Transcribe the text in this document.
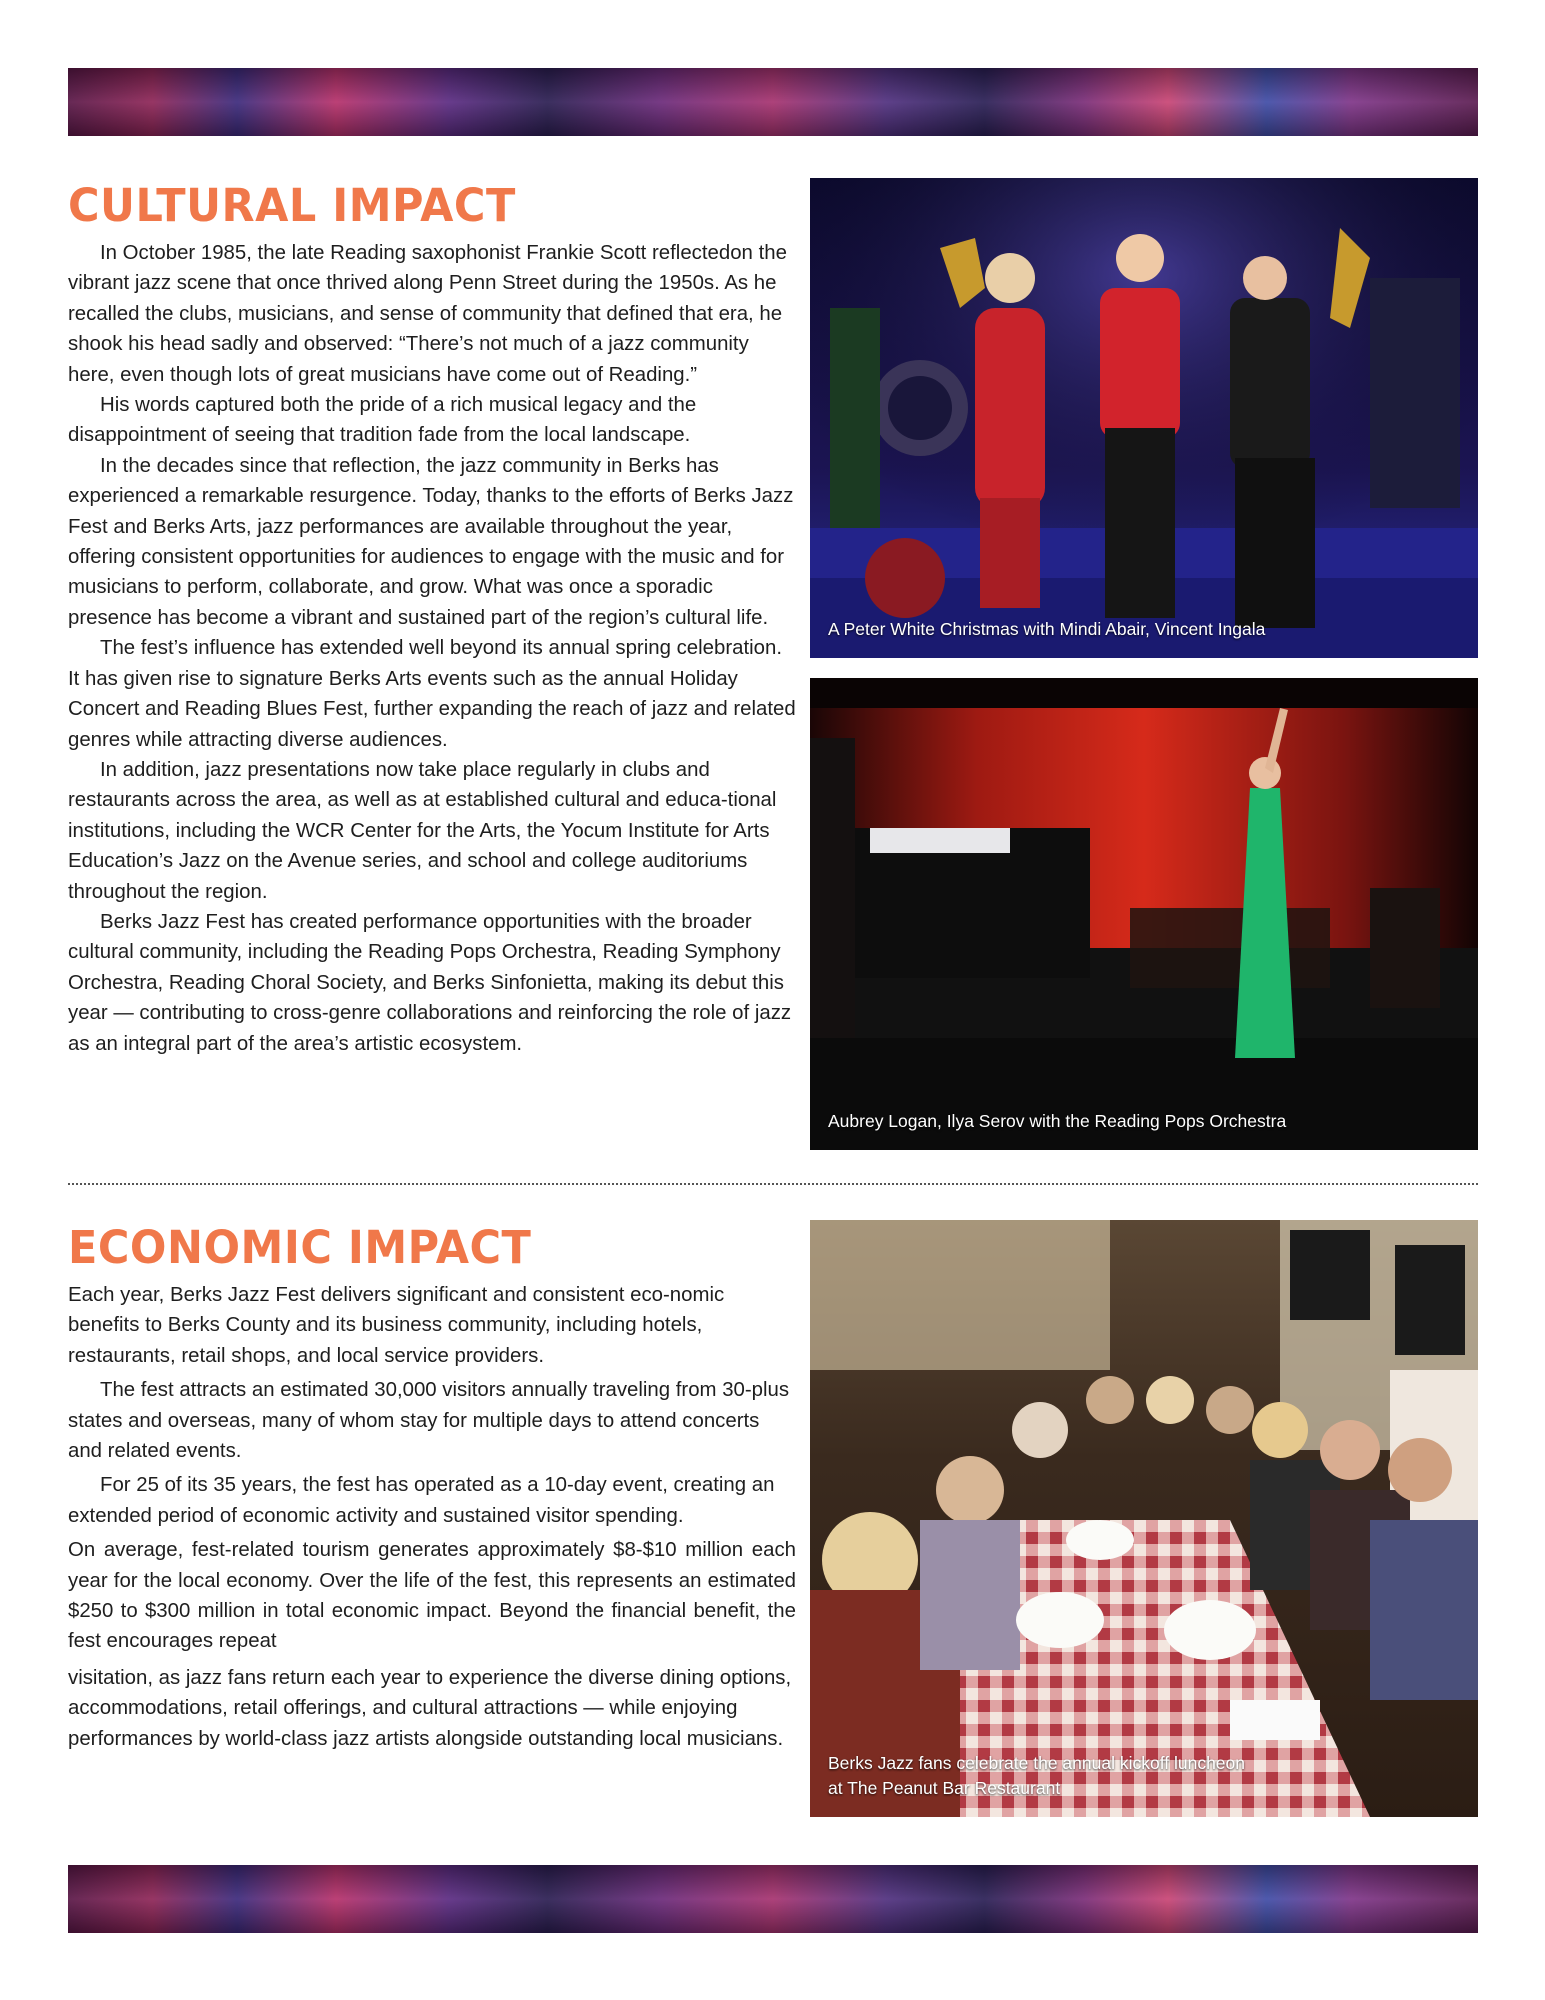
CULTURAL IMPACT

In October 1985, the late Reading saxophonist Frankie Scott reflectedon the vibrant jazz scene that once thrived along Penn Street during the 1950s. As he recalled the clubs, musicians, and sense of community that defined that era, he shook his head sadly and observed: “There’s not much of a jazz community here, even though lots of great musicians have come out of Reading.”

His words captured both the pride of a rich musical legacy and the disappointment of seeing that tradition fade from the local landscape.

In the decades since that reflection, the jazz community in Berks has experienced a remarkable resurgence. Today, thanks to the efforts of Berks Jazz Fest and Berks Arts, jazz performances are available throughout the year, offering consistent opportunities for audiences to engage with the music and for musicians to perform, collaborate, and grow. What was once a sporadic presence has become a vibrant and sustained part of the region’s cultural life.

The fest’s influence has extended well beyond its annual spring celebration. It has given rise to signature Berks Arts events such as the annual Holiday Concert and Reading Blues Fest, further expanding the reach of jazz and related genres while attracting diverse audiences.

In addition, jazz presentations now take place regularly in clubs and restaurants across the area, as well as at established cultural and educa-tional institutions, including the WCR Center for the Arts, the Yocum Institute for Arts Education’s Jazz on the Avenue series, and school and college auditoriums throughout the region.

Berks Jazz Fest has created performance opportunities with the broader cultural community, including the Reading Pops Orchestra, Reading Symphony Orchestra, Reading Choral Society, and Berks Sinfonietta, making its debut this year — contributing to cross-genre collaborations and reinforcing the role of jazz as an integral part of the area’s artistic ecosystem.

A Peter White Christmas with Mindi Abair, Vincent Ingala
Aubrey Logan, Ilya Serov with the Reading Pops Orchestra
ECONOMIC IMPACT

Each year, Berks Jazz Fest delivers significant and consistent eco-nomic benefits to Berks County and its business community, including hotels, restaurants, retail shops, and local service providers.

The fest attracts an estimated 30,000 visitors annually traveling from 30-plus states and overseas, many of whom stay for multiple days to attend concerts and related events.

For 25 of its 35 years, the fest has operated as a 10-day event, creating an extended period of economic activity and sustained visitor spending.

On average, fest-related tourism generates approximately $8-$10 million each year for the local economy. Over the life of the fest, this represents an estimated $250 to $300 million in total economic impact. Beyond the financial benefit, the fest encourages repeat

visitation, as jazz fans return each year to experience the diverse dining options, accommodations, retail offerings, and cultural attractions — while enjoying performances by world-class jazz artists alongside outstanding local musicians.

Berks Jazz fans celebrate the annual kickoff luncheon
at The Peanut Bar Restaurant
